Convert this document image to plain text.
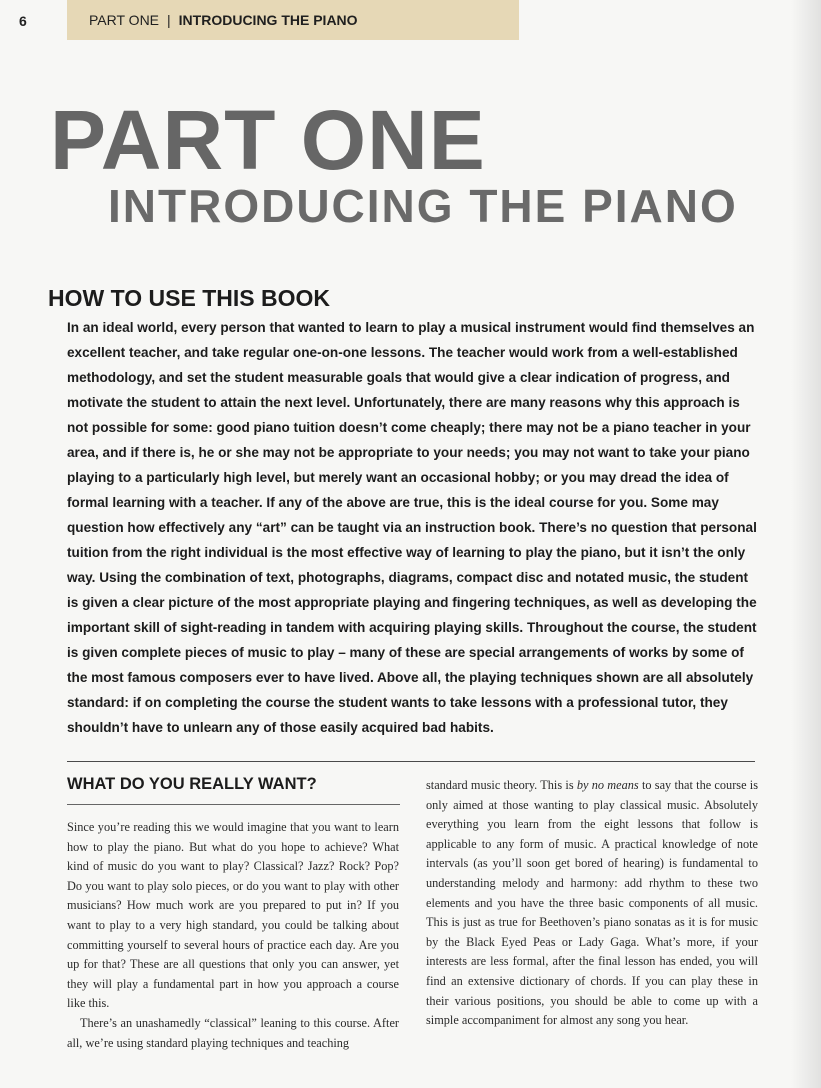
6	PART ONE | INTRODUCING THE PIANO
PART ONE
INTRODUCING THE PIANO
HOW TO USE THIS BOOK

In an ideal world, every person that wanted to learn to play a musical instrument would find themselves an excellent teacher, and take regular one-on-one lessons. The teacher would work from a well-established methodology, and set the student measurable goals that would give a clear indication of progress, and motivate the student to attain the next level. Unfortunately, there are many reasons why this approach is not possible for some: good piano tuition doesn’t come cheaply; there may not be a piano teacher in your area, and if there is, he or she may not be appropriate to your needs; you may not want to take your piano playing to a particularly high level, but merely want an occasional hobby; or you may dread the idea of formal learning with a teacher. If any of the above are true, this is the ideal course for you. Some may question how effectively any “art” can be taught via an instruction book. There’s no question that personal tuition from the right individual is the most effective way of learning to play the piano, but it isn’t the only way. Using the combination of text, photographs, diagrams, compact disc and notated music, the student is given a clear picture of the most appropriate playing and fingering techniques, as well as developing the important skill of sight-reading in tandem with acquiring playing skills. Throughout the course, the student is given complete pieces of music to play – many of these are special arrangements of works by some of the most famous composers ever to have lived. Above all, the playing techniques shown are all absolutely standard: if on completing the course the student wants to take lessons with a professional tutor, they shouldn’t have to unlearn any of those easily acquired bad habits.

WHAT DO YOU REALLY WANT?

Since you’re reading this we would imagine that you want to learn how to play the piano. But what do you hope to achieve? What kind of music do you want to play? Classical? Jazz? Rock? Pop? Do you want to play solo pieces, or do you want to play with other musicians? How much work are you prepared to put in? If you want to play to a very high standard, you could be talking about committing yourself to several hours of practice each day. Are you up for that? These are all questions that only you can answer, yet they will play a fundamental part in how you approach a course like this.

There’s an unashamedly “classical” leaning to this course. After all, we’re using standard playing techniques and teaching

standard music theory. This is by no means to say that the course is only aimed at those wanting to play classical music. Absolutely everything you learn from the eight lessons that follow is applicable to any form of music. A practical knowledge of note intervals (as you’ll soon get bored of hearing) is fundamental to understanding melody and harmony: add rhythm to these two elements and you have the three basic components of all music. This is just as true for Beethoven’s piano sonatas as it is for music by the Black Eyed Peas or Lady Gaga. What’s more, if your interests are less formal, after the final lesson has ended, you will find an extensive dictionary of chords. If you can play these in their various positions, you should be able to come up with a simple accompaniment for almost any song you hear.
